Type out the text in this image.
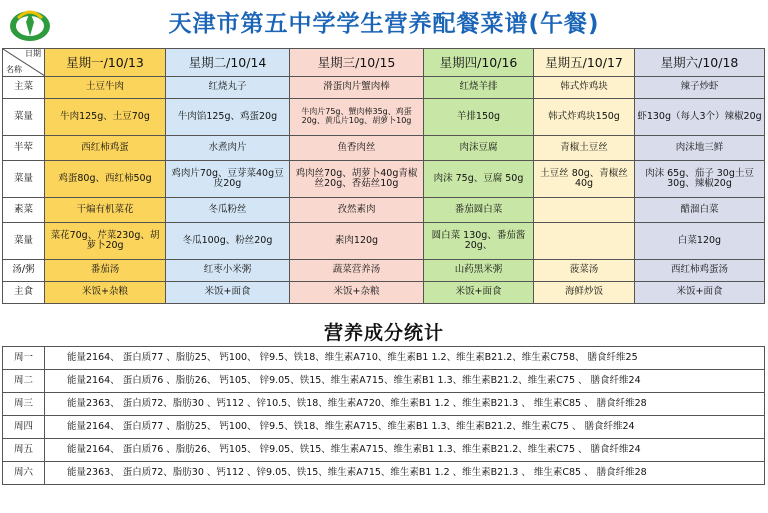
天津市第五中学学生营养配餐菜谱(午餐)
日期
名称	星期一/10/13	星期二/10/14	星期三/10/15	星期四/10/16	星期五/10/17	星期六/10/18
主菜	土豆牛肉	红烧丸子	滑蛋肉片蟹肉棒	红烧羊排	韩式炸鸡块	辣子炒虾
菜量	牛肉125g、土豆70g	牛肉馅125g、鸡蛋20g	牛肉片75g、蟹肉棒35g、鸡蛋20g、黄瓜片10g、胡萝卜10g	羊排150g	韩式炸鸡块150g	虾130g（每人3个）辣椒20g
半荤	西红柿鸡蛋	水煮肉片	鱼香肉丝	肉沫豆腐	青椒土豆丝	肉沫地三鲜
菜量	鸡蛋80g、西红柿50g	鸡肉片70g、豆芽菜40g豆皮20g	鸡肉丝70g、胡萝卜40g青椒丝20g、香菇丝10g	肉沫 75g、豆腐 50g	土豆丝 80g、青椒丝40g	肉沫 65g、茄子 30g土豆30g、辣椒20g
素菜	干煸有机菜花	冬瓜粉丝	孜然素肉	番茄圆白菜		醋溜白菜
菜量	菜花70g、芹菜230g、胡萝卜20g	冬瓜100g、粉丝20g	素肉120g	圆白菜 130g、番茄酱 20g、		白菜120g
汤/粥	番茄汤	红枣小米粥	蔬菜营养汤	山药黑米粥	菠菜汤	西红柿鸡蛋汤
主食	米饭+杂粮	米饭+面食	米饭+杂粮	米饭+面食	海鲜炒饭	米饭+面食
营养成分统计
周一	能量2164、 蛋白质77 、脂肪25、 钙100、 锌9.5、铁18、维生素A710、维生素B1 1.2、维生素B21.2、维生素C758、 膳食纤维25
周二	能量2164、 蛋白质76 、脂肪26、 钙105、 锌9.05、铁15、维生素A715、维生素B1 1.3、维生素B21.2、维生素C75 、 膳食纤维24
周三	能量2363、 蛋白质72、脂肪30 、钙112 、锌10.5、铁18、维生素A720、维生素B1 1.2 、维生素B21.3 、 维生素C85 、 膳食纤维28
周四	能量2164、 蛋白质77 、脂肪25、 钙100、 锌9.5、铁18、维生素A715、维生素B1 1.3、维生素B21.2、维生素C75 、 膳食纤维24
周五	能量2164、 蛋白质76 、脂肪26、 钙105、 锌9.05、铁15、维生素A715、维生素B1 1.3、维生素B21.2、维生素C75 、 膳食纤维24
周六	能量2363、 蛋白质72、脂肪30 、钙112 、锌9.05、铁15、维生素A715、维生素B1 1.2 、维生素B21.3 、 维生素C85 、 膳食纤维28
